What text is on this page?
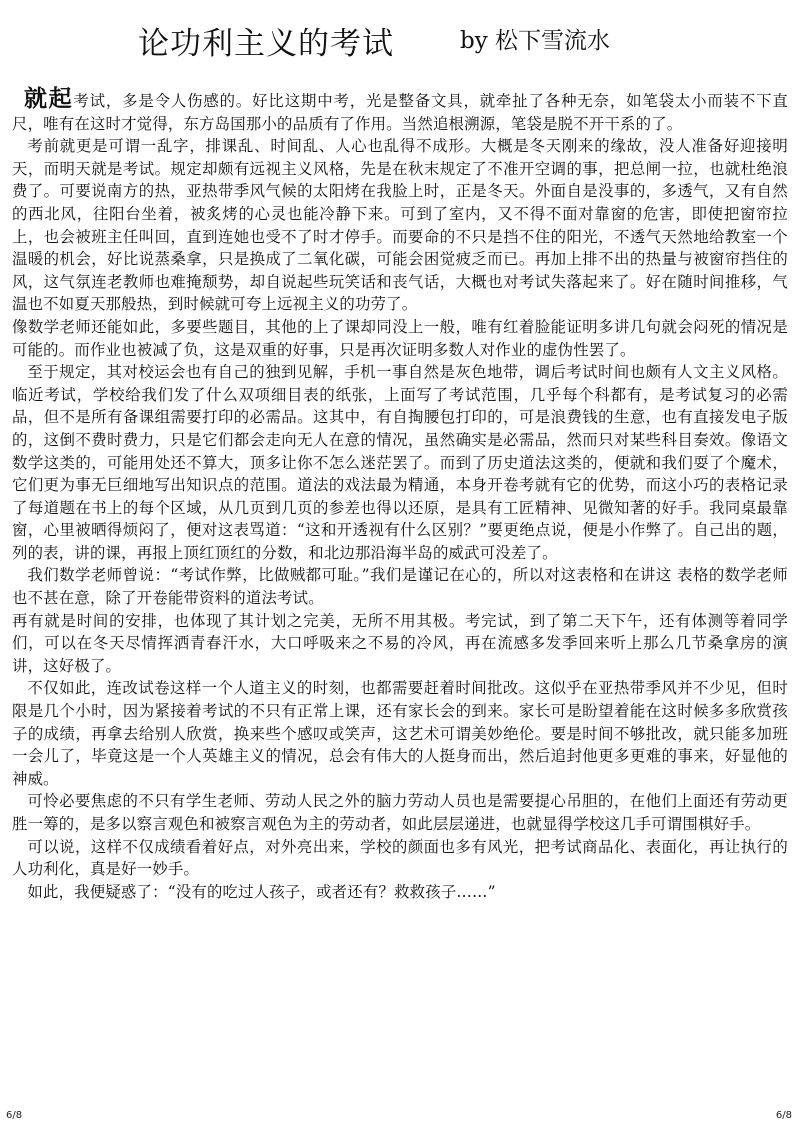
论功利主义的考试	by 松下雪流水

就起考试，多是令人伤感的。好比这期中考，光是整备文具，就牵扯了各种无奈，如笔袋太小而装不下直尺，唯有在这时才觉得，东方岛国那小的品质有了作用。当然追根溯源，笔袋是脱不开干系的了。

考前就更是可谓一乱字，排课乱、时间乱、人心也乱得不成形。大概是冬天刚来的缘故，没人准备好迎接明天，而明天就是考试。规定却颇有远视主义风格，先是在秋末规定了不准开空调的事，把总闸一拉，也就杜绝浪费了。可要说南方的热，亚热带季风气候的太阳烤在我脸上时，正是冬天。外面自是没事的，多透气，又有自然的西北风，往阳台坐着，被炙烤的心灵也能冷静下来。可到了室内，又不得不面对靠窗的危害，即使把窗帘拉上，也会被班主任叫回，直到连她也受不了时才停手。而要命的不只是挡不住的阳光，不透气天然地给教室一个温暖的机会，好比说蒸桑拿，只是换成了二氧化碳，可能会困觉疲乏而已。再加上排不出的热量与被窗帘挡住的风，这气氛连老教师也难掩颓势，却自说起些玩笑话和丧气话，大概也对考试失落起来了。好在随时间推移，气温也不如夏天那般热，到时候就可夸上远视主义的功劳了。

像数学老师还能如此，多要些题目，其他的上了课却同没上一般，唯有红着脸能证明多讲几句就会闷死的情况是可能的。而作业也被减了负，这是双重的好事，只是再次证明多数人对作业的虚伪性罢了。

至于规定，其对校运会也有自己的独到见解，手机一事自然是灰色地带，调后考试时间也颇有人文主义风格。临近考试，学校给我们发了什么双项细目表的纸张，上面写了考试范围，几乎每个科都有，是考试复习的必需品，但不是所有备课组需要打印的必需品。这其中，有自掏腰包打印的，可是浪费钱的生意，也有直接发电子版的，这倒不费时费力，只是它们都会走向无人在意的情况，虽然确实是必需品，然而只对某些科目奏效。像语文数学这类的，可能用处还不算大，顶多让你不怎么迷茫罢了。而到了历史道法这类的，便就和我们耍了个魔术，它们更为事无巨细地写出知识点的范围。道法的戏法最为精通，本身开卷考就有它的优势，而这小巧的表格记录了每道题在书上的每个区域，从几页到几页的参差也得以还原，是具有工匠精神、见微知著的好手。我同桌最靠窗，心里被晒得烦闷了，便对这表骂道：“这和开透视有什么区别？”要更绝点说，便是小作弊了。自己出的题，列的表，讲的课，再报上顶红顶红的分数，和北边那沿海半岛的威武可没差了。

我们数学老师曾说：“考试作弊，比做贼都可耻。”我们是谨记在心的，所以对这表格和在讲这 表格的数学老师也不甚在意，除了开卷能带资料的道法考试。

再有就是时间的安排，也体现了其计划之完美，无所不用其极。考完试，到了第二天下午，还有体测等着同学们，可以在冬天尽情挥洒青春汗水，大口呼吸来之不易的冷风，再在流感多发季回来听上那么几节桑拿房的演讲，这好极了。

不仅如此，连改试卷这样一个人道主义的时刻，也都需要赶着时间批改。这似乎在亚热带季风并不少见，但时限是几个小时，因为紧接着考试的不只有正常上课，还有家长会的到来。家长可是盼望着能在这时候多多欣赏孩子的成绩，再拿去给别人欣赏，换来些个感叹或笑声，这艺术可谓美妙绝伦。要是时间不够批改，就只能多加班一会儿了，毕竟这是一个人英雄主义的情况，总会有伟大的人挺身而出，然后追封他更多更难的事来，好显他的神威。

可怜必要焦虑的不只有学生老师、劳动人民之外的脑力劳动人员也是需要提心吊胆的，在他们上面还有劳动更胜一筹的，是多以察言观色和被察言观色为主的劳动者，如此层层递进，也就显得学校这几手可谓围棋好手。

可以说，这样不仅成绩看着好点，对外亮出来，学校的颜面也多有风光，把考试商品化、表面化，再让执行的人功利化，真是好一妙手。

如此，我便疑惑了：“没有的吃过人孩子，或者还有？救救孩子……”

6/8	6/8
